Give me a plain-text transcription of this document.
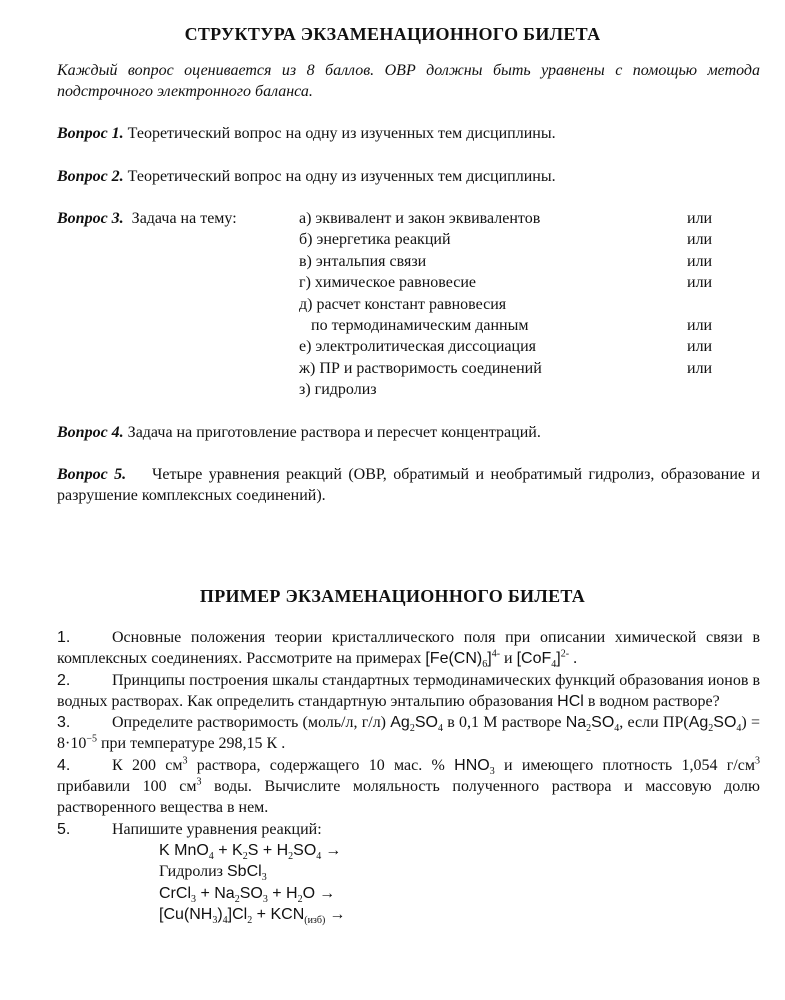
СТРУКТУРА ЭКЗАМЕНАЦИОННОГО БИЛЕТА
Каждый вопрос оценивается из 8 баллов. ОВР должны быть уравнены с помощью метода подстрочного электронного баланса.
Вопрос 1. Теоретический вопрос на одну из изученных тем дисциплины.
Вопрос 2. Теоретический вопрос на одну из изученных тем дисциплины.
Вопрос 3.  Задача на тему:	а) эквивалент и закон эквивалентов	или
б) энергетика реакций	или
в) энтальпия связи	или
г) химическое равновесие	или
д) расчет констант равновесия
по термодинамическим данным	или
е) электролитическая диссоциация	или
ж) ПР и растворимость соединений	или
з) гидролиз
Вопрос 4. Задача на приготовление раствора и пересчет концентраций.
Вопрос 5.    Четыре уравнения реакций (ОВР, обратимый и необратимый гидролиз, образование и разрушение комплексных соединений).
ПРИМЕР ЭКЗАМЕНАЦИОННОГО БИЛЕТА
1.	Основные положения теории кристаллического поля при описании химической связи в комплексных соединениях. Рассмотрите на примерах $[Fe(CN)_6]^{4-}$ и $[CoF_4]^{2-}$ .
2.	Принципы построения шкалы стандартных термодинамических функций образования ионов в водных растворах. Как определить стандартную энтальпию образования HCl в водном растворе?
3.	Определите растворимость (моль/л, г/л) $Ag_2SO_4$ в 0,1 М растворе $Na_2SO_4$, если $ПР(Ag_2SO_4) = 8\cdot 10^{-5}$ при температуре 298,15 К .
4.	К 200 $см^3$ раствора, содержащего 10 мас. % $HNO_3$ и имеющего плотность 1,054 $г/см^3$ прибавили 100 $см^3$ воды. Вычислите моляльность полученного раствора и массовую долю растворенного вещества в нем.
5.	Напишите уравнения реакций:
K $MnO_4 + K_2S + H_2SO_4$ →
Гидролиз SbCl$_3$
CrCl$_3$ + $Na_2SO_3 + H_2O$ →
$[Cu(NH_3)_4]Cl_2 + KCN_{(изб)}$ →
